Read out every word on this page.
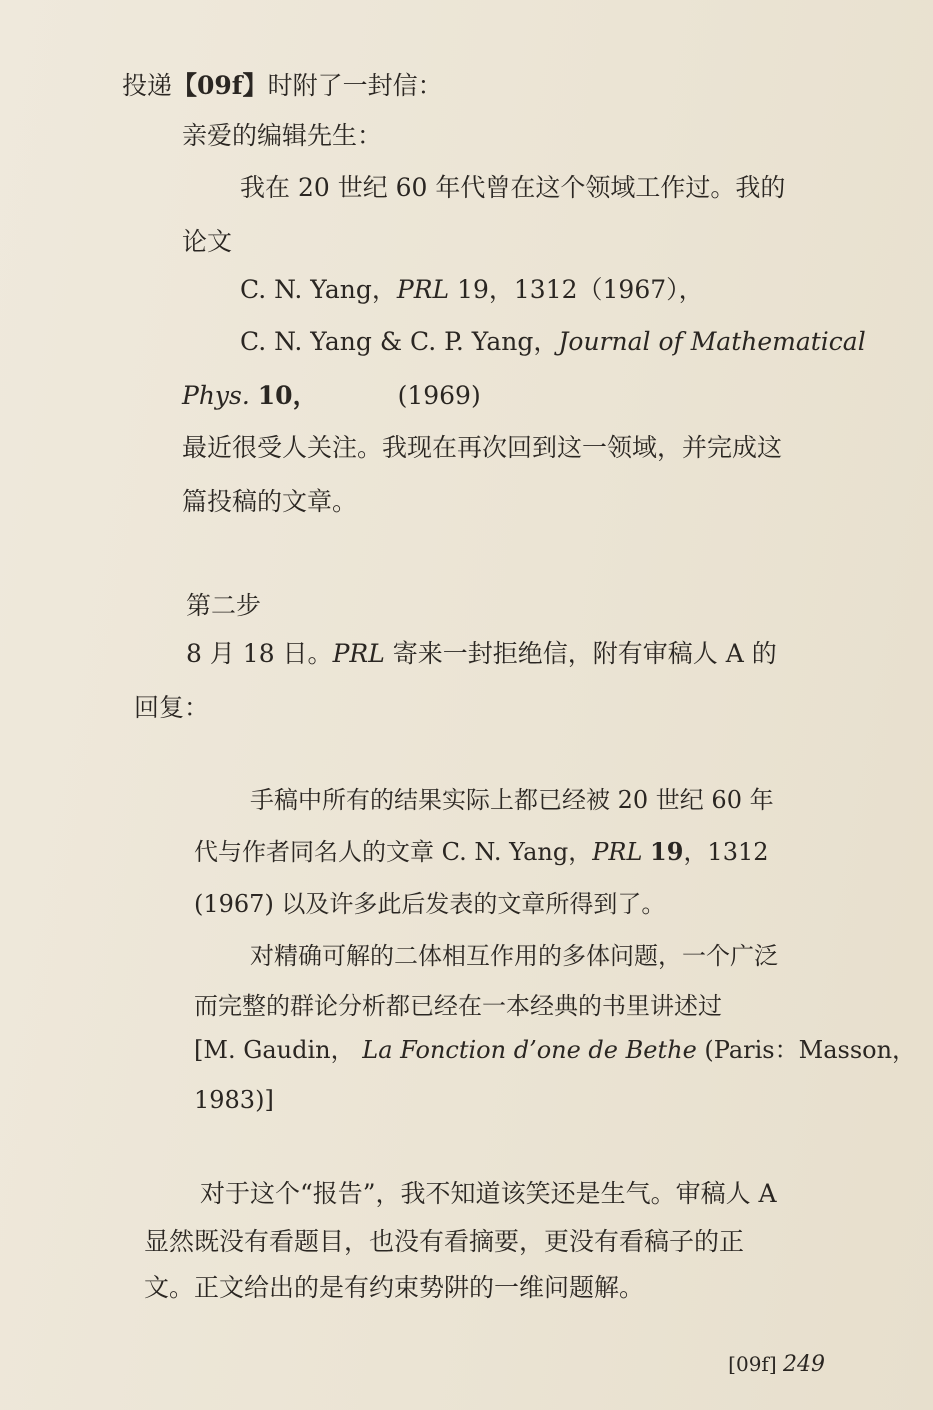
投递【09f】时附了一封信：
亲爱的编辑先生：
我在 20 世纪 60 年代曾在这个领域工作过。我的
论文
C. N. Yang，PRL 19，1312（1967），
C. N. Yang & C. P. Yang，Journal of Mathematical
Phys. 10，	(1969)
最近很受人关注。我现在再次回到这一领域，并完成这
篇投稿的文章。
第二步
8 月 18 日。PRL 寄来一封拒绝信，附有审稿人 A 的
回复：
手稿中所有的结果实际上都已经被 20 世纪 60 年
代与作者同名人的文章 C. N. Yang，PRL 19，1312
(1967) 以及许多此后发表的文章所得到了。
对精确可解的二体相互作用的多体问题，一个广泛
而完整的群论分析都已经在一本经典的书里讲述过
[M. Gaudin， La Fonction d’one de Bethe (Paris：Masson，
1983)]
对于这个“报告”，我不知道该笑还是生气。审稿人 A
显然既没有看题目，也没有看摘要，更没有看稿子的正
文。正文给出的是有约束势阱的一维问题解。
[09f] 249
